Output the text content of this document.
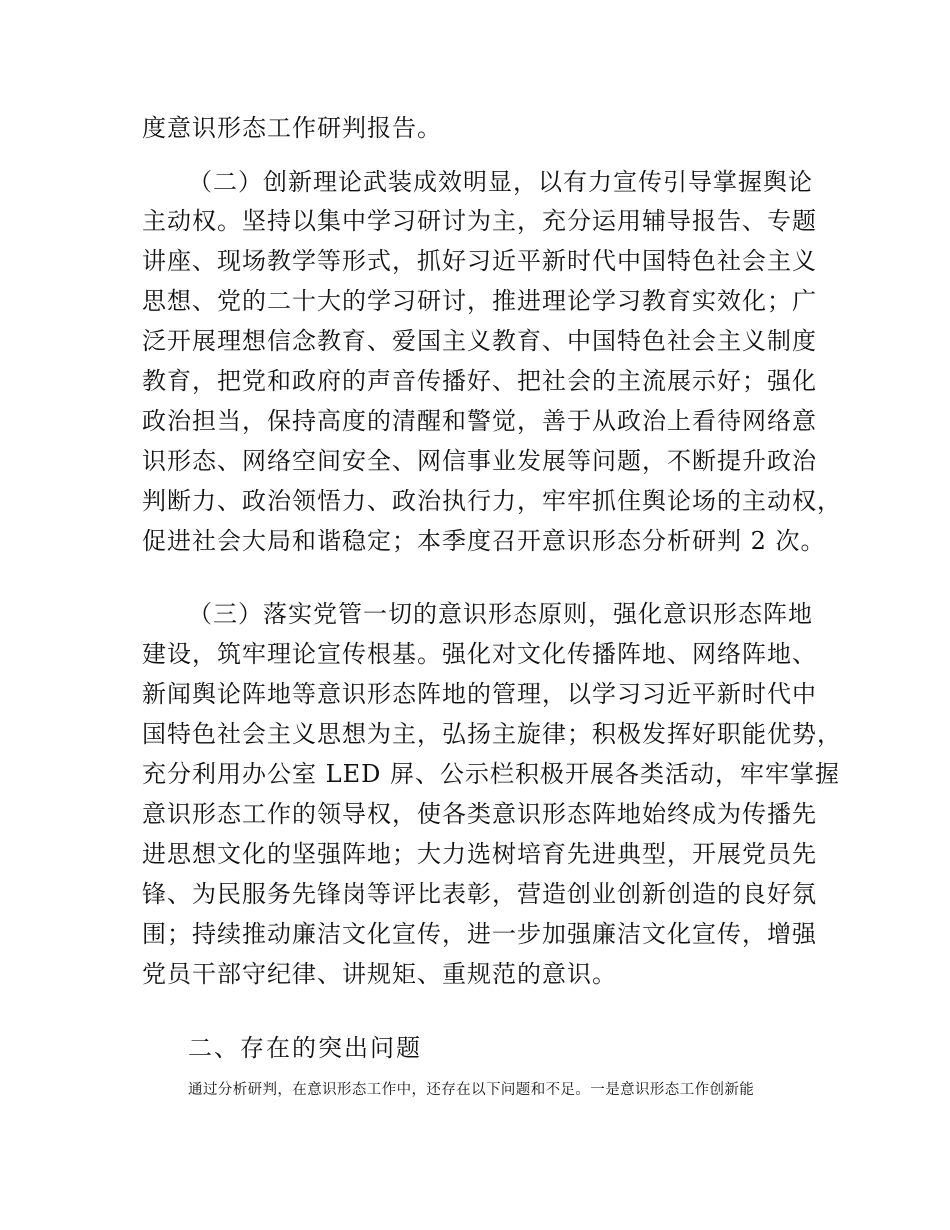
度意识形态工作研判报告。
（二）创新理论武装成效明显，以有力宣传引导掌握舆论
主动权。坚持以集中学习研讨为主，充分运用辅导报告、专题
讲座、现场教学等形式，抓好习近平新时代中国特色社会主义
思想、党的二十大的学习研讨，推进理论学习教育实效化；广
泛开展理想信念教育、爱国主义教育、中国特色社会主义制度
教育，把党和政府的声音传播好、把社会的主流展示好；强化
政治担当，保持高度的清醒和警觉，善于从政治上看待网络意
识形态、网络空间安全、网信事业发展等问题，不断提升政治
判断力、政治领悟力、政治执行力，牢牢抓住舆论场的主动权，
促进社会大局和谐稳定；本季度召开意识形态分析研判 2 次。
（三）落实党管一切的意识形态原则，强化意识形态阵地
建设，筑牢理论宣传根基。强化对文化传播阵地、网络阵地、
新闻舆论阵地等意识形态阵地的管理，以学习习近平新时代中
国特色社会主义思想为主，弘扬主旋律；积极发挥好职能优势，
充分利用办公室 LED 屏、公示栏积极开展各类活动，牢牢掌握
意识形态工作的领导权，使各类意识形态阵地始终成为传播先
进思想文化的坚强阵地；大力选树培育先进典型，开展党员先
锋、为民服务先锋岗等评比表彰，营造创业创新创造的良好氛
围；持续推动廉洁文化宣传，进一步加强廉洁文化宣传，增强
党员干部守纪律、讲规矩、重规范的意识。
二、存在的突出问题
通过分析研判，在意识形态工作中，还存在以下问题和不足。一是意识形态工作创新能
